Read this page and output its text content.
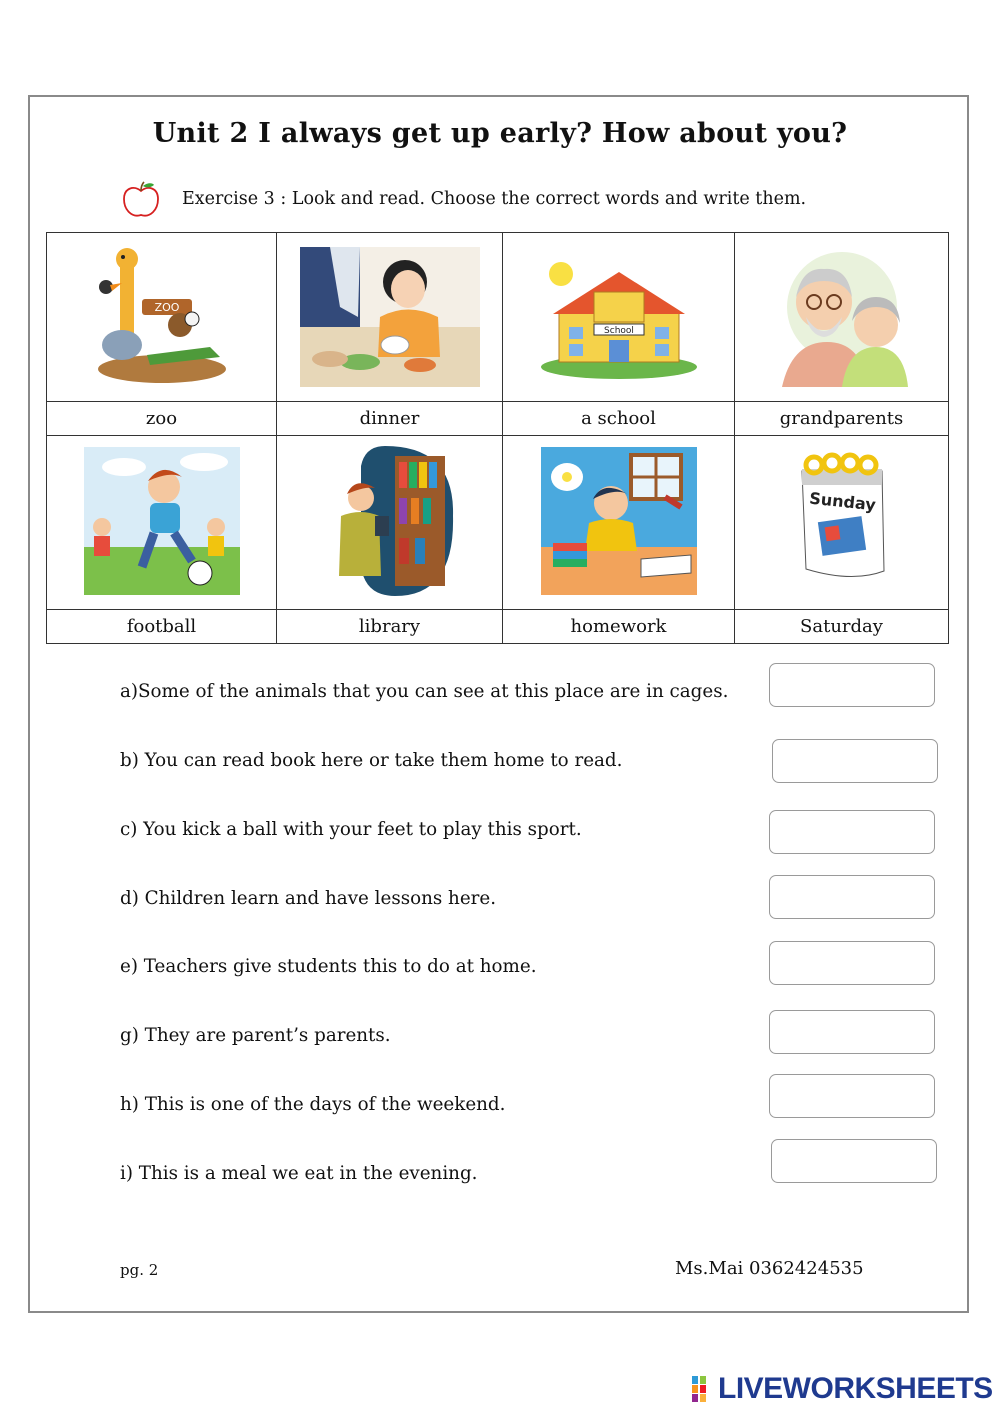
Unit 2 I always get up early? How about you?
Exercise 3 : Look and read. Choose the correct words and write them.
ZOO		School

zoo	dinner	a school	grandparents

Sunday

football	library	homework	Saturday
a)Some of the animals that you can see at this place are in cages.
b) You can read book here or take them home to read.
c) You kick a ball with your feet to play this sport.
d) Children learn and have lessons here.
e) Teachers give students this to do at home.
g) They are parent’s parents.
h) This is one of the days of the weekend.
i) This is a meal we eat in the evening.
pg. 2	Ms.Mai 0362424535
LIVEWORKSHEETS
